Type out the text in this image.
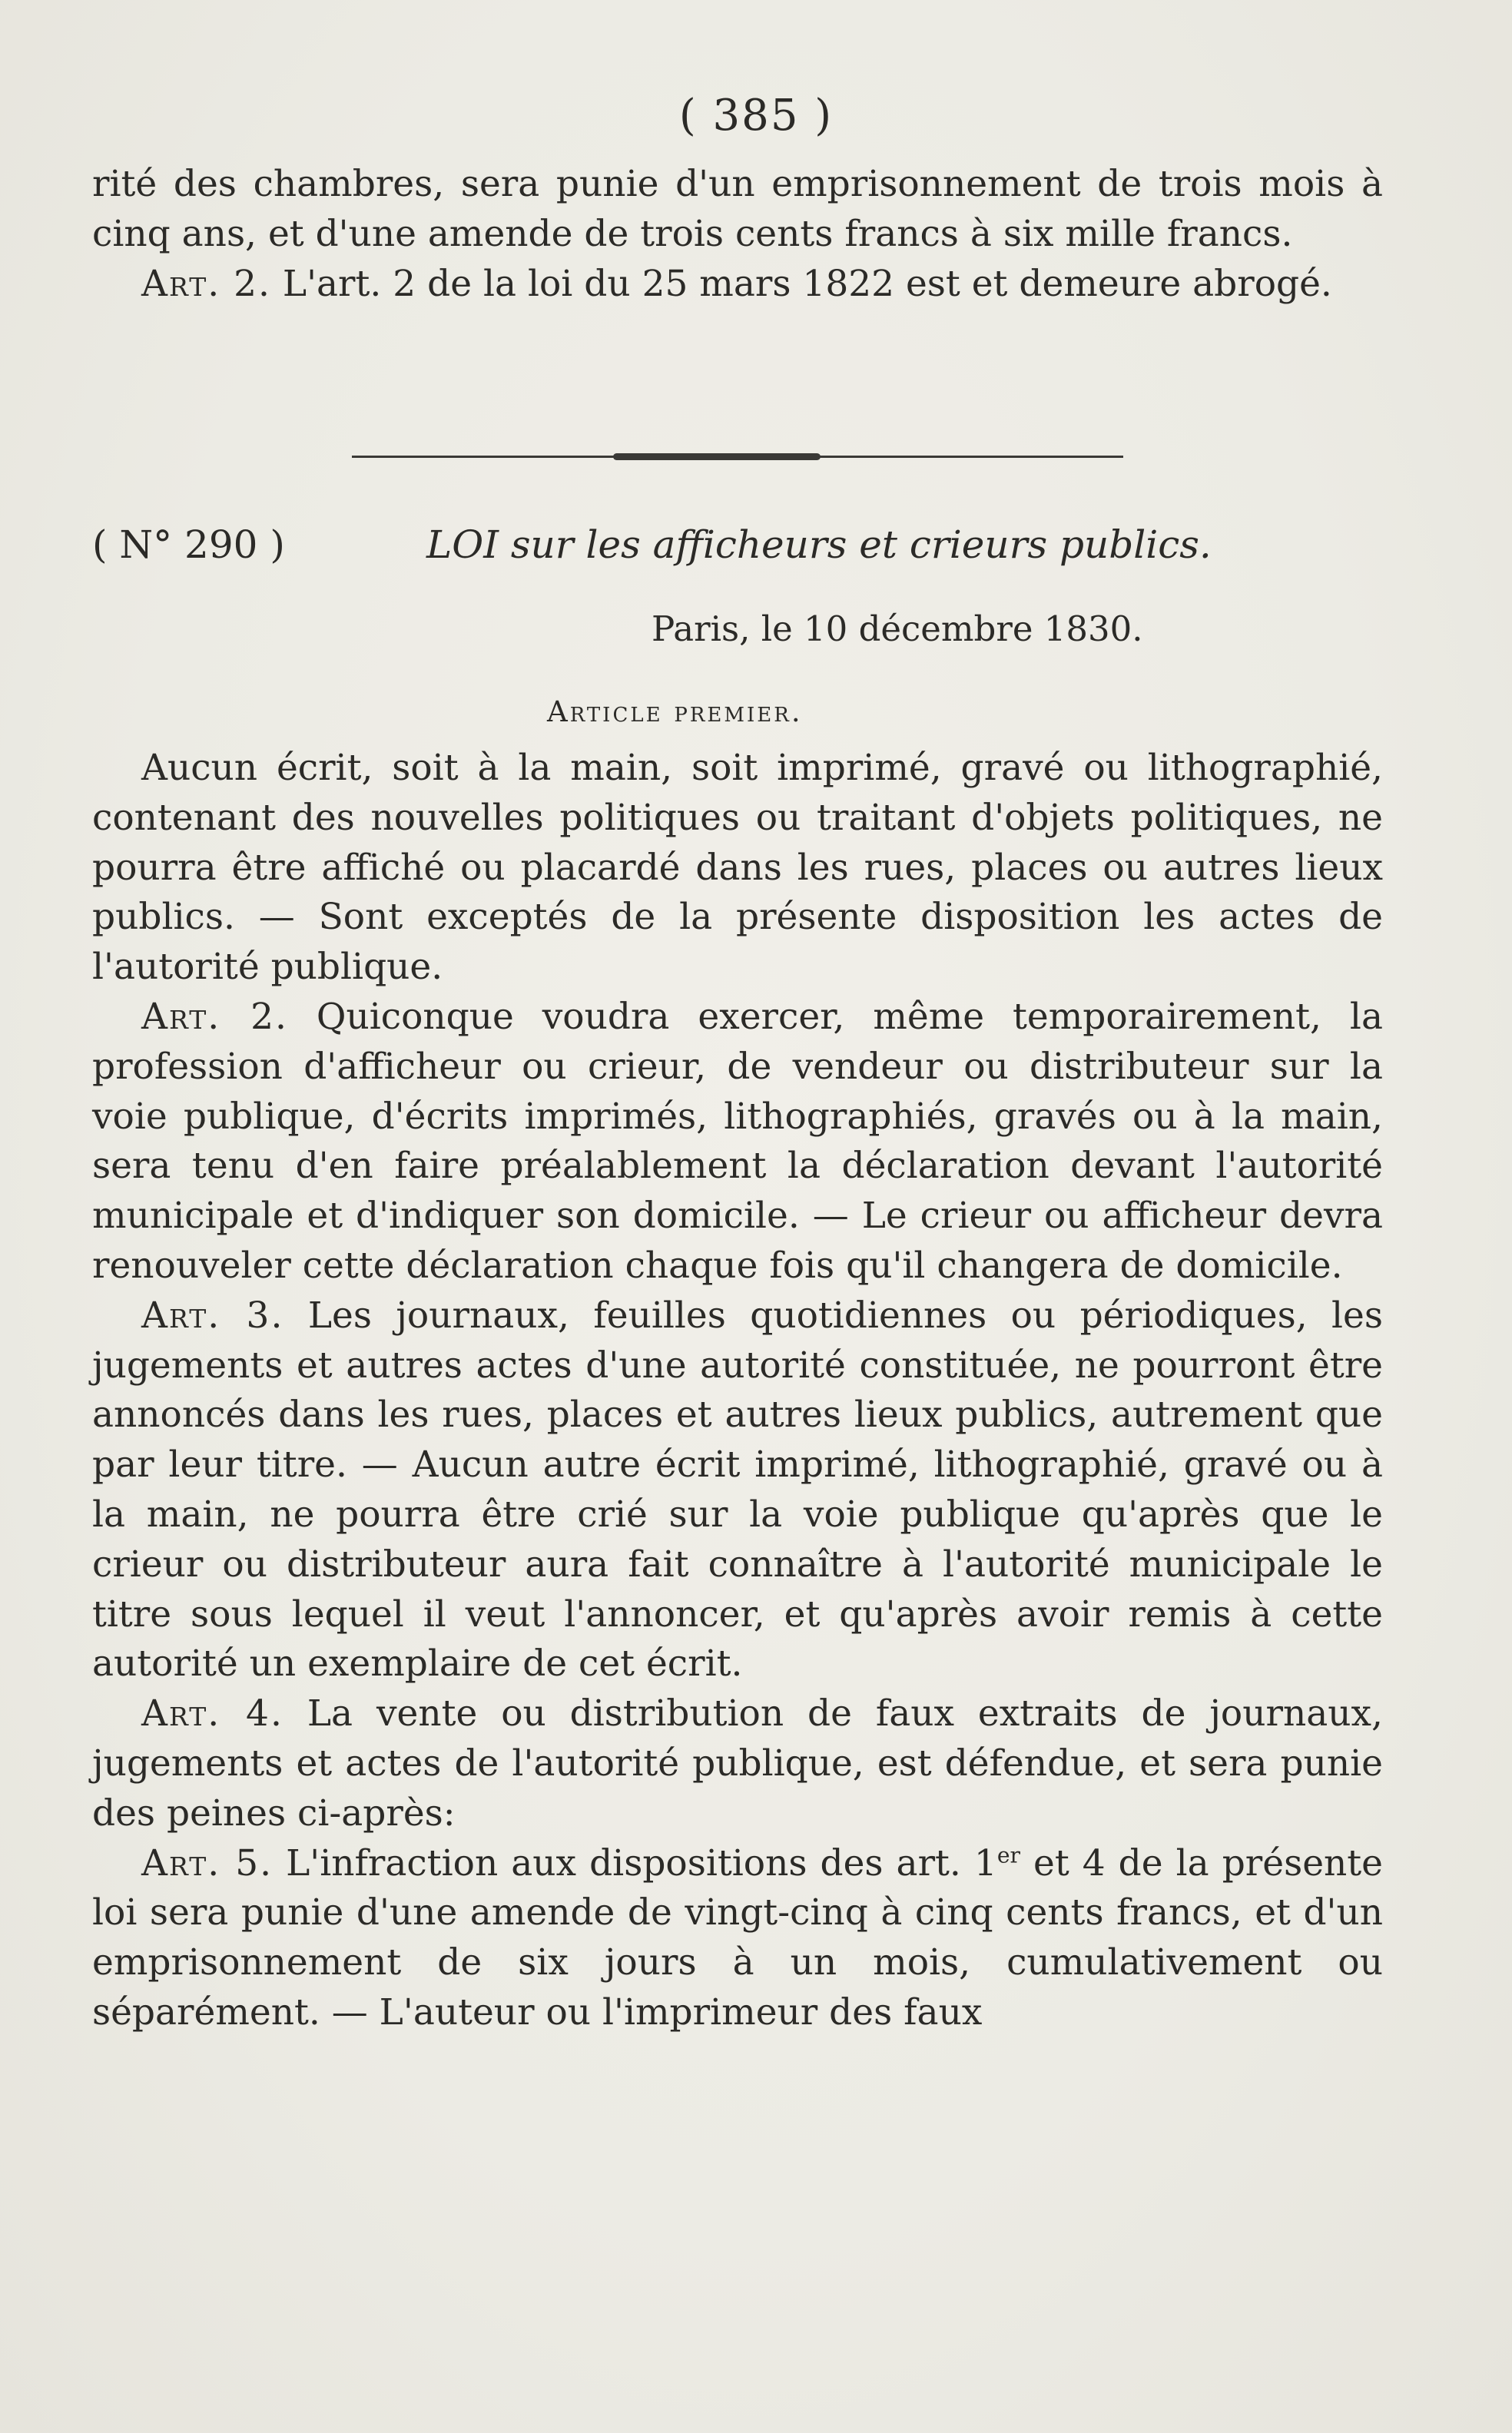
( 385 )

rité des chambres, sera punie d'un emprisonnement de trois mois à cinq ans, et d'une amende de trois cents francs à six mille francs.

Art. 2. L'art. 2 de la loi du 25 mars 1822 est et demeure abrogé.

( N° 290 )	LOI sur les afficheurs et crieurs publics.
Paris, le 10 décembre 1830.
Article premier.

Aucun écrit, soit à la main, soit imprimé, gravé ou lithographié, contenant des nouvelles politiques ou traitant d'objets politiques, ne pourra être affiché ou placardé dans les rues, places ou autres lieux publics. — Sont exceptés de la présente disposition les actes de l'autorité publique.

Art. 2. Quiconque voudra exercer, même temporairement, la profession d'afficheur ou crieur, de vendeur ou distributeur sur la voie publique, d'écrits imprimés, lithographiés, gravés ou à la main, sera tenu d'en faire préalablement la déclaration devant l'autorité municipale et d'indiquer son domicile. — Le crieur ou afficheur devra renouveler cette déclaration chaque fois qu'il changera de domicile.

Art. 3. Les journaux, feuilles quotidiennes ou périodiques, les jugements et autres actes d'une autorité constituée, ne pourront être annoncés dans les rues, places et autres lieux publics, autrement que par leur titre. — Aucun autre écrit imprimé, lithographié, gravé ou à la main, ne pourra être crié sur la voie publique qu'après que le crieur ou distributeur aura fait connaître à l'autorité municipale le titre sous lequel il veut l'annoncer, et qu'après avoir remis à cette autorité un exemplaire de cet écrit.

Art. 4. La vente ou distribution de faux extraits de journaux, jugements et actes de l'autorité publique, est défendue, et sera punie des peines ci-après:

Art. 5. L'infraction aux dispositions des art. 1er et 4 de la présente loi sera punie d'une amende de vingt-cinq à cinq cents francs, et d'un emprisonnement de six jours à un mois, cumulativement ou séparément. — L'auteur ou l'imprimeur des faux
